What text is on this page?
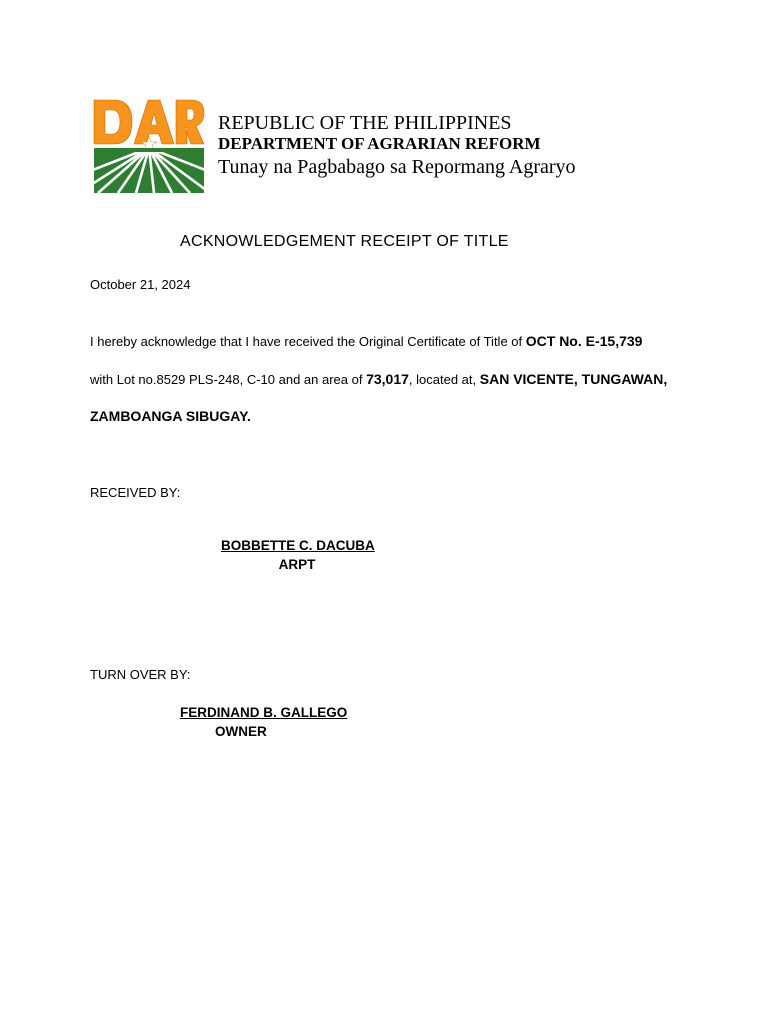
REPUBLIC OF THE PHILIPPINES
DEPARTMENT OF AGRARIAN REFORM
Tunay na Pagbabago sa Repormang Agraryo
ACKNOWLEDGEMENT RECEIPT OF TITLE
October 21, 2024
I hereby acknowledge that I have received the Original Certificate of Title of OCT No. E-15,739
with Lot no.8529 PLS-248, C-10 and an area of 73,017, located at, SAN VICENTE, TUNGAWAN,
ZAMBOANGA SIBUGAY.
RECEIVED BY:
BOBBETTE C. DACUBA
ARPT
TURN OVER BY:
FERDINAND B. GALLEGO
OWNER
